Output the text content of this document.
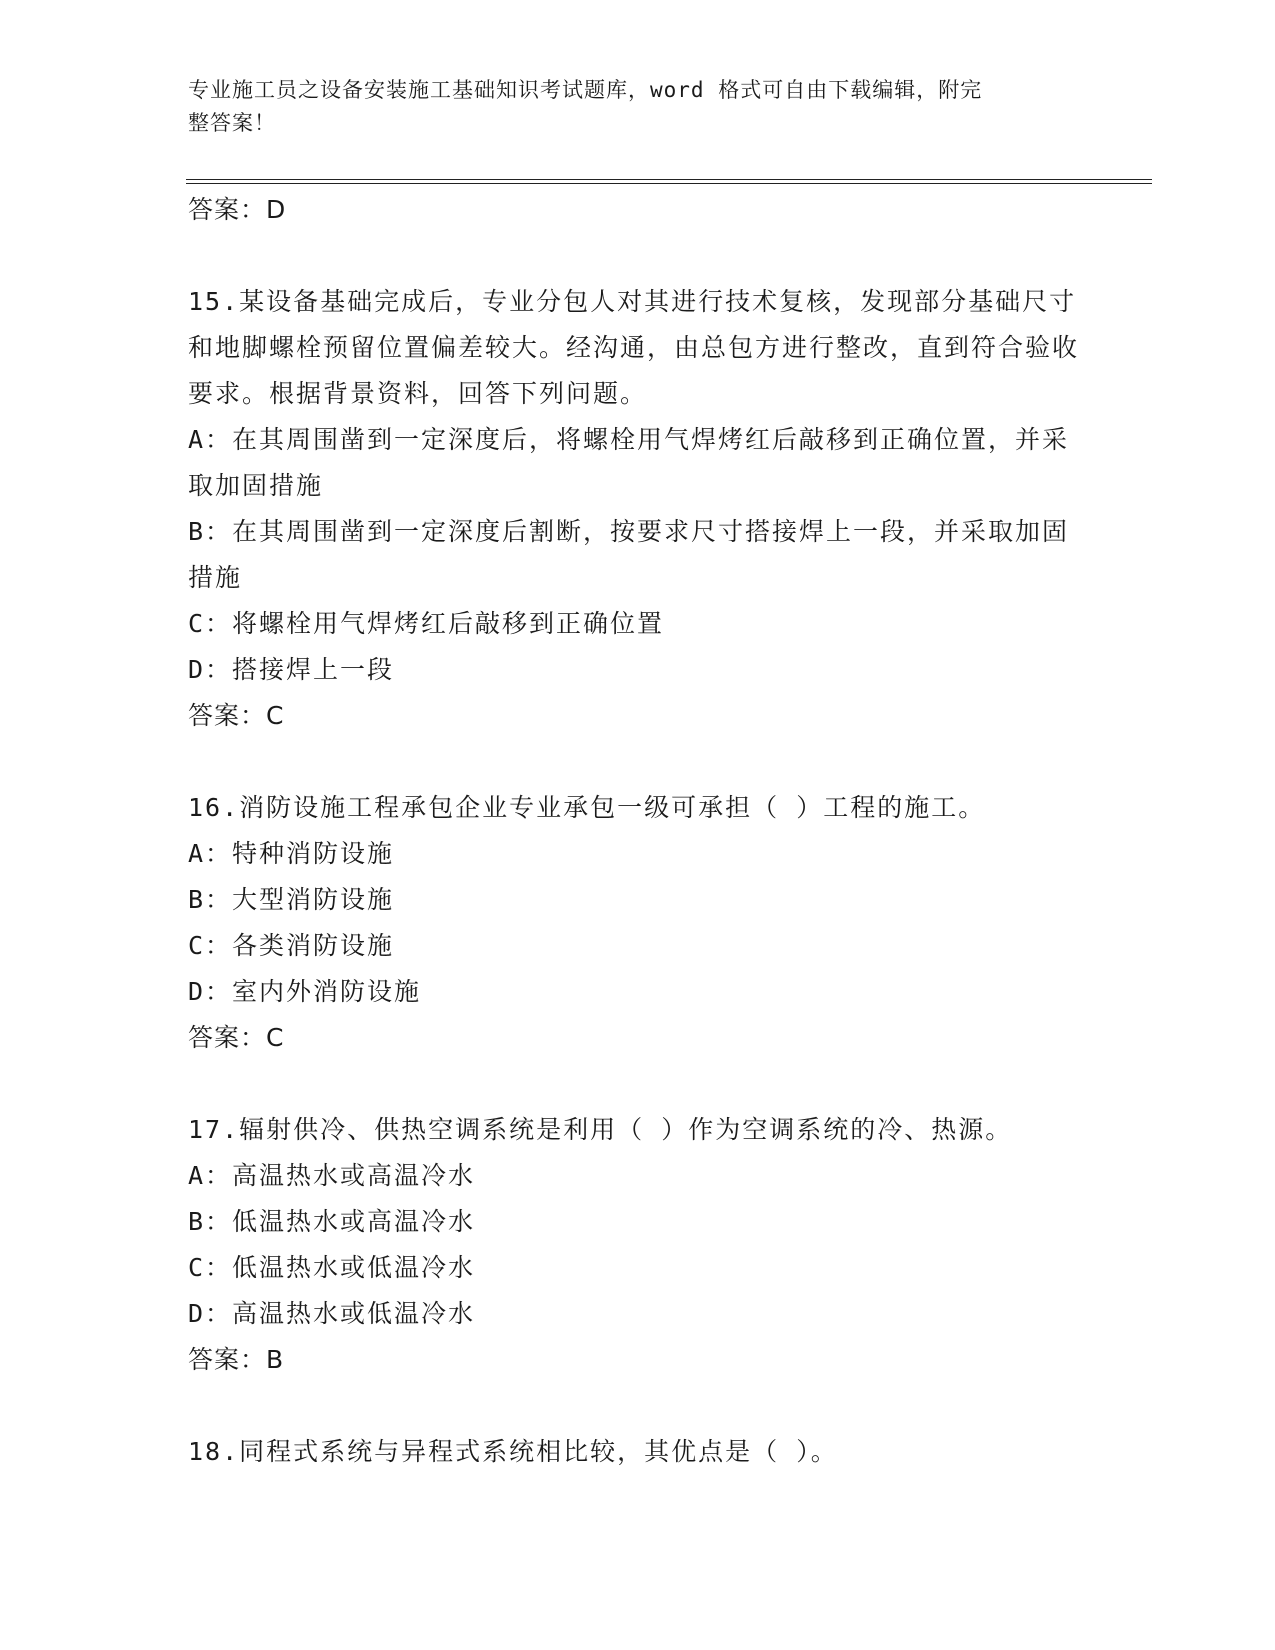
专业施工员之设备安装施工基础知识考试题库，word 格式可自由下载编辑，附完
整答案！
答案：D
15.某设备基础完成后，专业分包人对其进行技术复核，发现部分基础尺寸和地脚螺栓预留位置偏差较大。经沟通，由总包方进行整改，直到符合验收要求。根据背景资料，回答下列问题。
A：在其周围凿到一定深度后，将螺栓用气焊烤红后敲移到正确位置，并采取加固措施
B：在其周围凿到一定深度后割断，按要求尺寸搭接焊上一段，并采取加固措施
C：将螺栓用气焊烤红后敲移到正确位置
D：搭接焊上一段
答案：C
16.消防设施工程承包企业专业承包一级可承担（ ）工程的施工。
A：特种消防设施
B：大型消防设施
C：各类消防设施
D：室内外消防设施
答案：C
17.辐射供冷、供热空调系统是利用（ ）作为空调系统的冷、热源。
A：高温热水或高温冷水
B：低温热水或高温冷水
C：低温热水或低温冷水
D：高温热水或低温冷水
答案：B
18.同程式系统与异程式系统相比较，其优点是（ ）。
